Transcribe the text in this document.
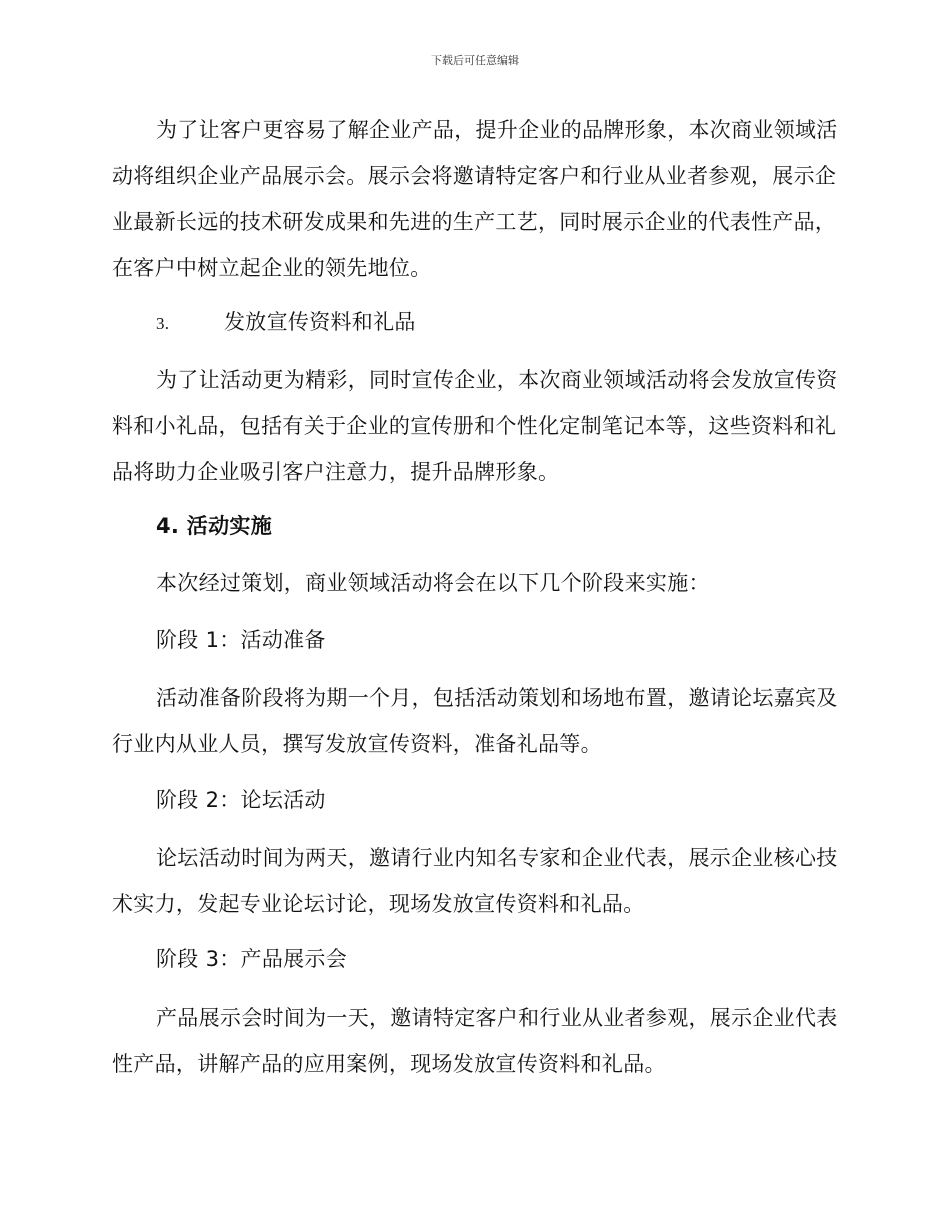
下载后可任意编辑

为了让客户更容易了解企业产品，提升企业的品牌形象，本次商业领域活动将组织企业产品展示会。展示会将邀请特定客户和行业从业者参观，展示企业最新长远的技术研发成果和先进的生产工艺，同时展示企业的代表性产品，在客户中树立起企业的领先地位。

3.	发放宣传资料和礼品

为了让活动更为精彩，同时宣传企业，本次商业领域活动将会发放宣传资料和小礼品，包括有关于企业的宣传册和个性化定制笔记本等，这些资料和礼品将助力企业吸引客户注意力，提升品牌形象。

4. 活动实施

本次经过策划，商业领域活动将会在以下几个阶段来实施：

阶段 1：活动准备

活动准备阶段将为期一个月，包括活动策划和场地布置，邀请论坛嘉宾及行业内从业人员，撰写发放宣传资料，准备礼品等。

阶段 2：论坛活动

论坛活动时间为两天，邀请行业内知名专家和企业代表，展示企业核心技术实力，发起专业论坛讨论，现场发放宣传资料和礼品。

阶段 3：产品展示会

产品展示会时间为一天，邀请特定客户和行业从业者参观，展示企业代表性产品，讲解产品的应用案例，现场发放宣传资料和礼品。
